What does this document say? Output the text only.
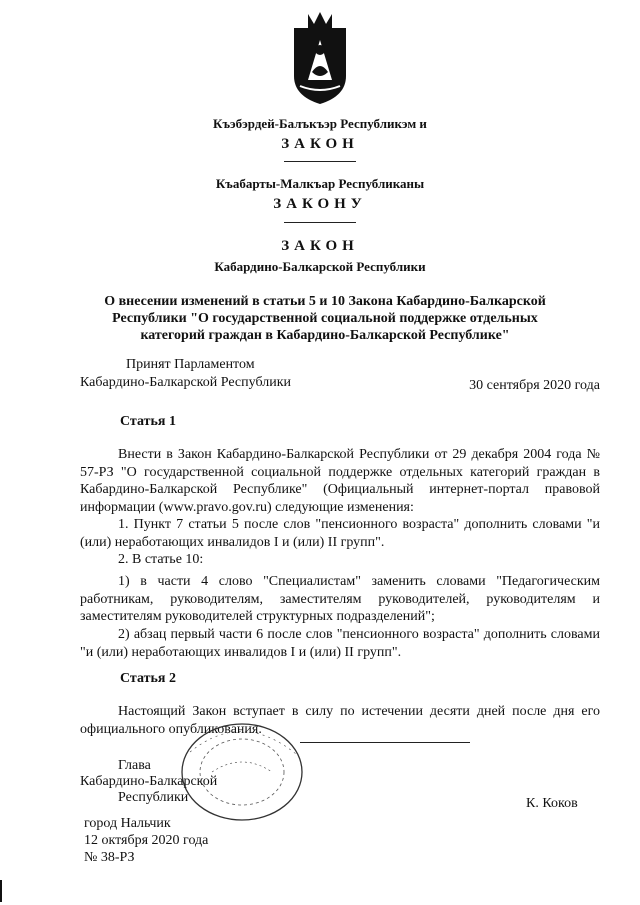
Къэбэрдей-Балъкъэр Республикэм и
ЗАКОН
Къабарты-Малкъар Республиканы
ЗАКОНУ
ЗАКОН
Кабардино-Балкарской Республики
О внесении изменений в статьи 5 и 10 Закона Кабардино-Балкарской
Республики "О государственной социальной поддержке отдельных
категорий граждан в Кабардино-Балкарской Республике"
Принят Парламентом
Кабардино-Балкарской Республики	30 сентября 2020 года
Статья 1
Внести в Закон Кабардино-Балкарской Республики от 29 декабря 2004 года № 57-РЗ "О государственной социальной поддержке отдельных категорий граждан в Кабардино-Балкарской Республике" (Официальный интернет-портал правовой информации (www.pravo.gov.ru) следующие изменения:
1. Пункт 7 статьи 5 после слов "пенсионного возраста" дополнить словами "и (или) неработающих инвалидов I и (или) II групп".
2. В статье 10:
1) в части 4 слово "Специалистам" заменить словами "Педагогическим работникам, руководителям, заместителям руководителей, руководителям и заместителям руководителей структурных подразделений";
2) абзац первый части 6 после слов "пенсионного возраста" дополнить словами "и (или) неработающих инвалидов I и (или) II групп".
Статья 2
Настоящий Закон вступает в силу по истечении десяти дней после дня его официального опубликования.
Глава
Кабардино-Балкарской
Республики	К. Коков
город Нальчик
12 октября 2020 года
№ 38-РЗ
